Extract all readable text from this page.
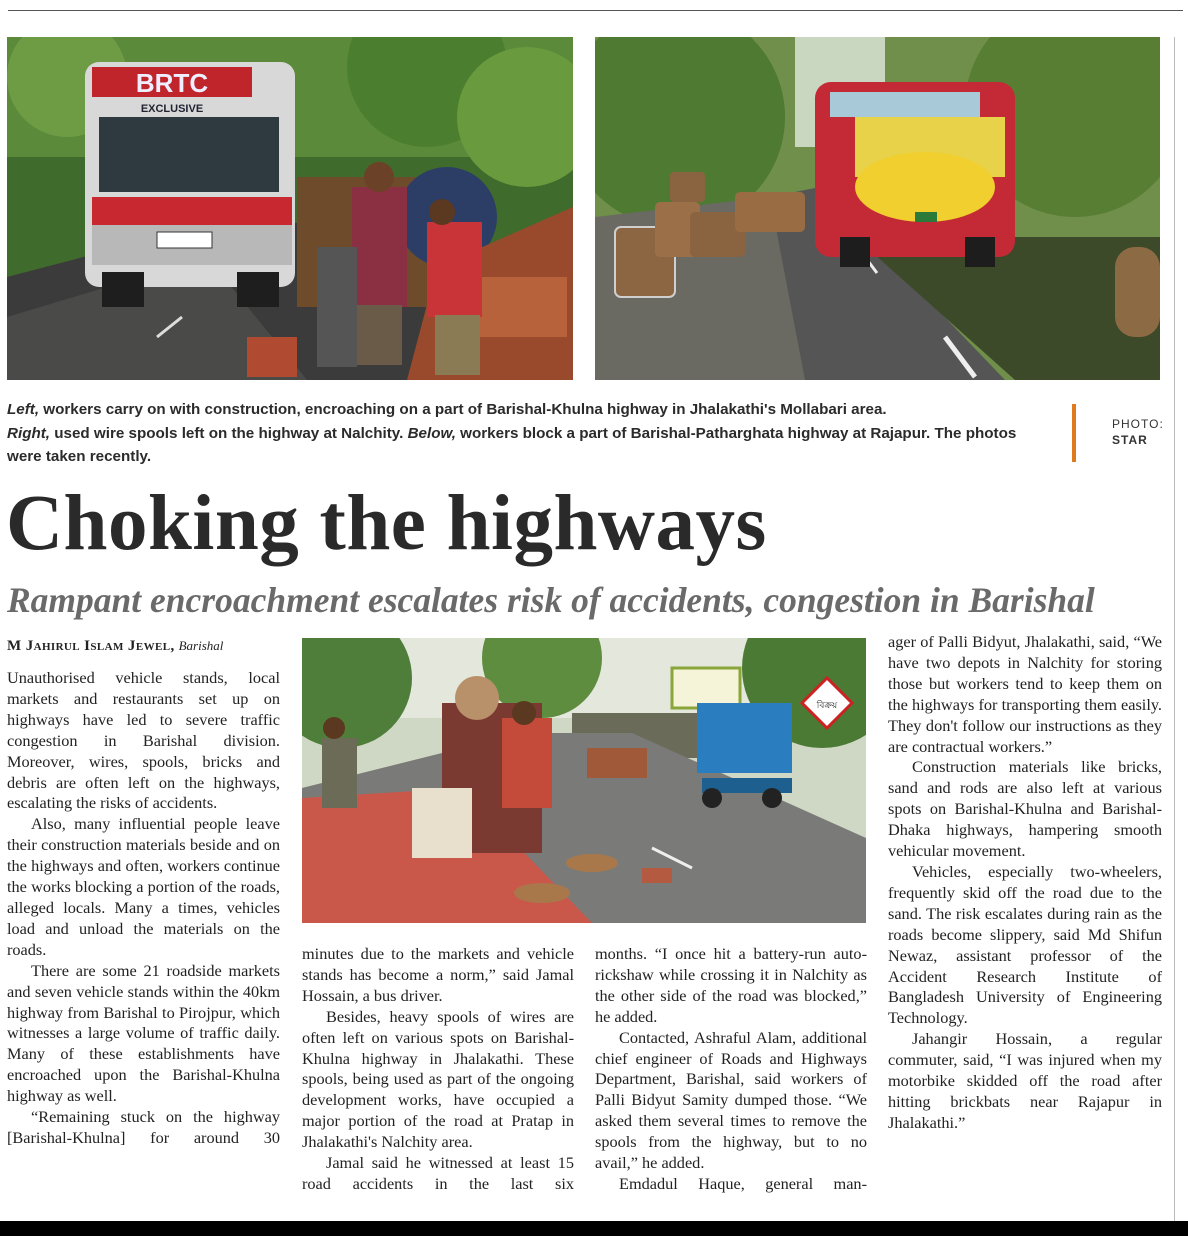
BRTC
EXCLUSIVE
Left, workers carry on with construction, encroaching on a part of Barishal-Khulna highway in Jhalakathi's Mollabari area.
Right, used wire spools left on the highway at Nalchity. Below, workers block a part of Barishal-Patharghata highway at Rajapur. The photos were taken recently.
PHOTO:
STAR
Choking the highways
Rampant encroachment escalates risk of accidents, congestion in Barishal
M Jahirul Islam Jewel, Barishal
বিক্রয়

Unauthorised vehicle stands, local markets and restaurants set up on highways have led to severe traffic congestion in Barishal division. Moreover, wires, spools, bricks and debris are often left on the highways, escalating the risks of accidents.

Also, many influential people leave their construction materials beside and on the highways and often, workers continue the works blocking a portion of the roads, alleged locals. Many a times, vehicles load and unload the materials on the roads.

There are some 21 roadside markets and seven vehicle stands within the 40km highway from Barishal to Pirojpur, which witnesses a large volume of traffic daily. Many of these establishments have encroached upon the Barishal-Khulna highway as well.

“Remaining stuck on the highway [Barishal-Khulna] for around 30

minutes due to the markets and vehicle stands has become a norm,” said Jamal Hossain, a bus driver.

Besides, heavy spools of wires are often left on various spots on Barishal-Khulna highway in Jhalakathi. These spools, being used as part of the ongoing development works, have occupied a major portion of the road at Pratap in Jhalakathi's Nalchity area.

Jamal said he witnessed at least 15 road accidents in the last six

months. “I once hit a battery-run auto-rickshaw while crossing it in Nalchity as the other side of the road was blocked,” he added.

Contacted, Ashraful Alam, additional chief engineer of Roads and Highways Department, Barishal, said workers of Palli Bidyut Samity dumped those. “We asked them several times to remove the spools from the highway, but to no avail,” he added.

Emdadul Haque, general man-

ager of Palli Bidyut, Jhalakathi, said, “We have two depots in Nalchity for storing those but workers tend to keep them on the highways for transporting them easily. They don't follow our instructions as they are contractual workers.”

Construction materials like bricks, sand and rods are also left at various spots on Barishal-Khulna and Barishal-Dhaka highways, hampering smooth vehicular movement.

Vehicles, especially two-wheelers, frequently skid off the road due to the sand. The risk escalates during rain as the roads become slippery, said Md Shifun Newaz, assistant professor of the Accident Research Institute of Bangladesh University of Engineering Technology.

Jahangir Hossain, a regular commuter, said, “I was injured when my motorbike skidded off the road after hitting brickbats near Rajapur in Jhalakathi.”
